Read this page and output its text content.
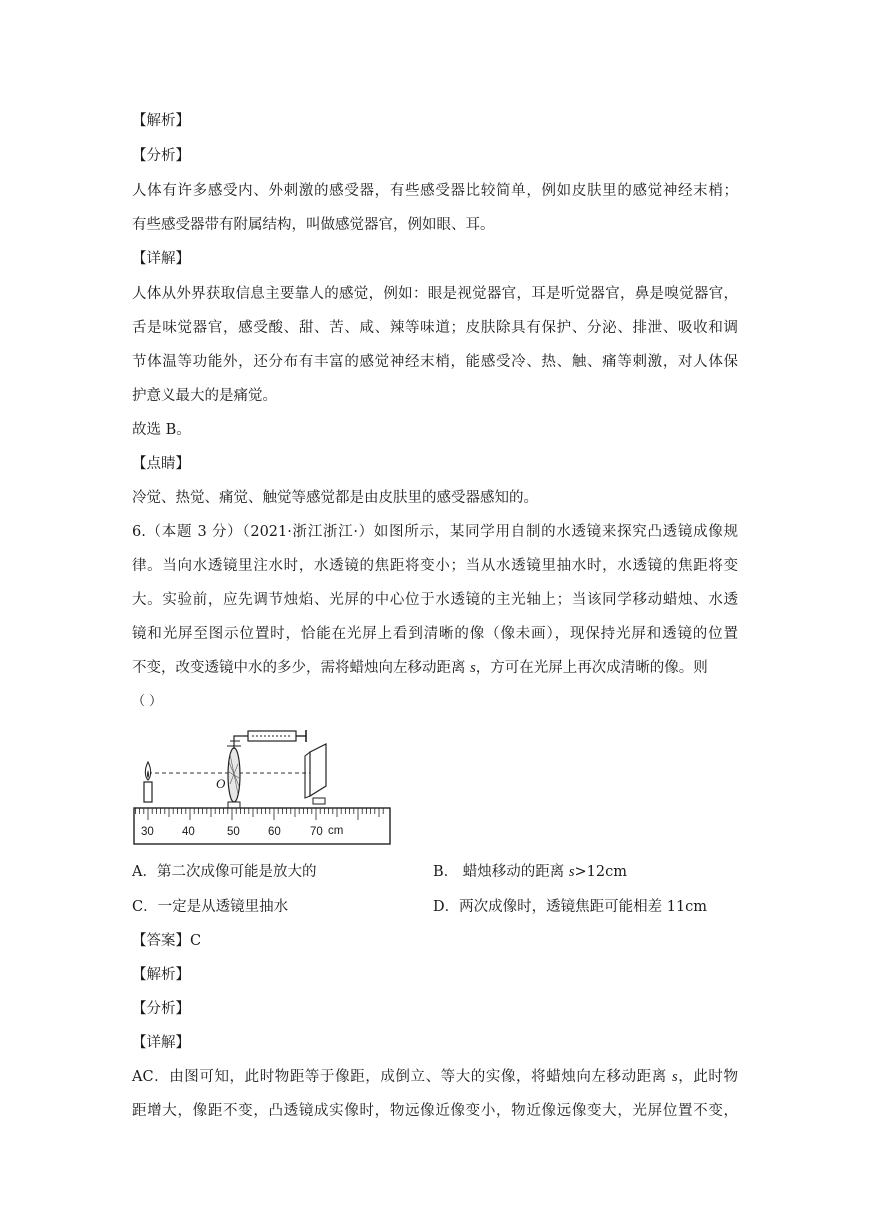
【解析】
【分析】
人体有许多感受内、外刺激的感受器，有些感受器比较简单，例如皮肤里的感觉神经末梢；
有些感受器带有附属结构，叫做感觉器官，例如眼、耳。
【详解】
人体从外界获取信息主要靠人的感觉，例如：眼是视觉器官，耳是听觉器官，鼻是嗅觉器官，
舌是味觉器官，感受酸、甜、苦、咸、辣等味道；皮肤除具有保护、分泌、排泄、吸收和调
节体温等功能外，还分布有丰富的感觉神经末梢，能感受冷、热、触、痛等刺激，对人体保
护意义最大的是痛觉。
故选 B。
【点睛】
冷觉、热觉、痛觉、触觉等感觉都是由皮肤里的感受器感知的。
6.（本题 3 分）（2021·浙江浙江·）如图所示，某同学用自制的水透镜来探究凸透镜成像规
律。当向水透镜里注水时，水透镜的焦距将变小；当从水透镜里抽水时，水透镜的焦距将变
大。实验前，应先调节烛焰、光屏的中心位于水透镜的主光轴上；当该同学移动蜡烛、水透
镜和光屏至图示位置时，恰能在光屏上看到清晰的像（像未画），现保持光屏和透镜的位置
不变，改变透镜中水的多少，需将蜡烛向左移动距离 s，方可在光屏上再次成清晰的像。则
（ ）
30 40	50 60	70 cm
O
A．第二次成像可能是放大的	B． 蜡烛移动的距离 s>12cm
C．一定是从透镜里抽水	D．两次成像时，透镜焦距可能相差 11cm
【答案】C
【解析】
【分析】
【详解】
AC．由图可知，此时物距等于像距，成倒立、等大的实像，将蜡烛向左移动距离 s，此时物
距增大，像距不变，凸透镜成实像时，物远像近像变小，物近像远像变大，光屏位置不变，
